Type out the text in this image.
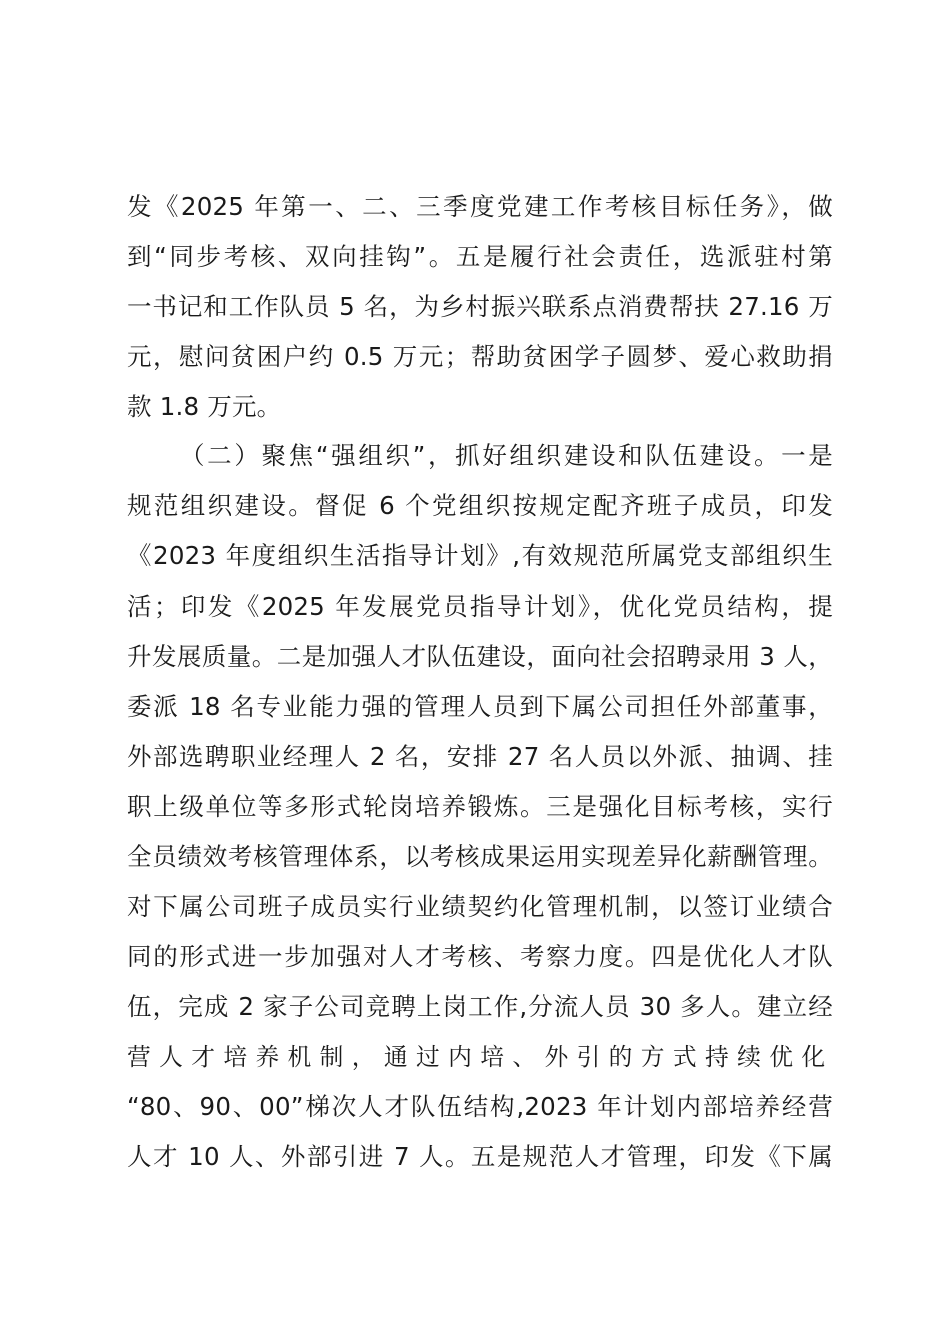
发《2025 年第一、二、三季度党建工作考核目标任务》，做
到“同步考核、双向挂钩”。五是履行社会责任，选派驻村第
一书记和工作队员 5 名，为乡村振兴联系点消费帮扶 27.16 万
元，慰问贫困户约 0.5 万元；帮助贫困学子圆梦、爱心救助捐
款 1.8 万元。
（二）聚焦“强组织”，抓好组织建设和队伍建设。一是
规范组织建设。督促 6 个党组织按规定配齐班子成员，印发
《2023 年度组织生活指导计划》,有效规范所属党支部组织生
活；印发《2025 年发展党员指导计划》，优化党员结构，提
升发展质量。二是加强人才队伍建设，面向社会招聘录用 3 人，
委派 18 名专业能力强的管理人员到下属公司担任外部董事，
外部选聘职业经理人 2 名，安排 27 名人员以外派、抽调、挂
职上级单位等多形式轮岗培养锻炼。三是强化目标考核，实行
全员绩效考核管理体系，以考核成果运用实现差异化薪酬管理。
对下属公司班子成员实行业绩契约化管理机制，以签订业绩合
同的形式进一步加强对人才考核、考察力度。四是优化人才队
伍，完成 2 家子公司竞聘上岗工作,分流人员 30 多人。建立经
营人才培养机制，通过内培、外引的方式持续优化
“80、90、00”梯次人才队伍结构,2023 年计划内部培养经营
人才 10 人、外部引进 7 人。五是规范人才管理，印发《下属
